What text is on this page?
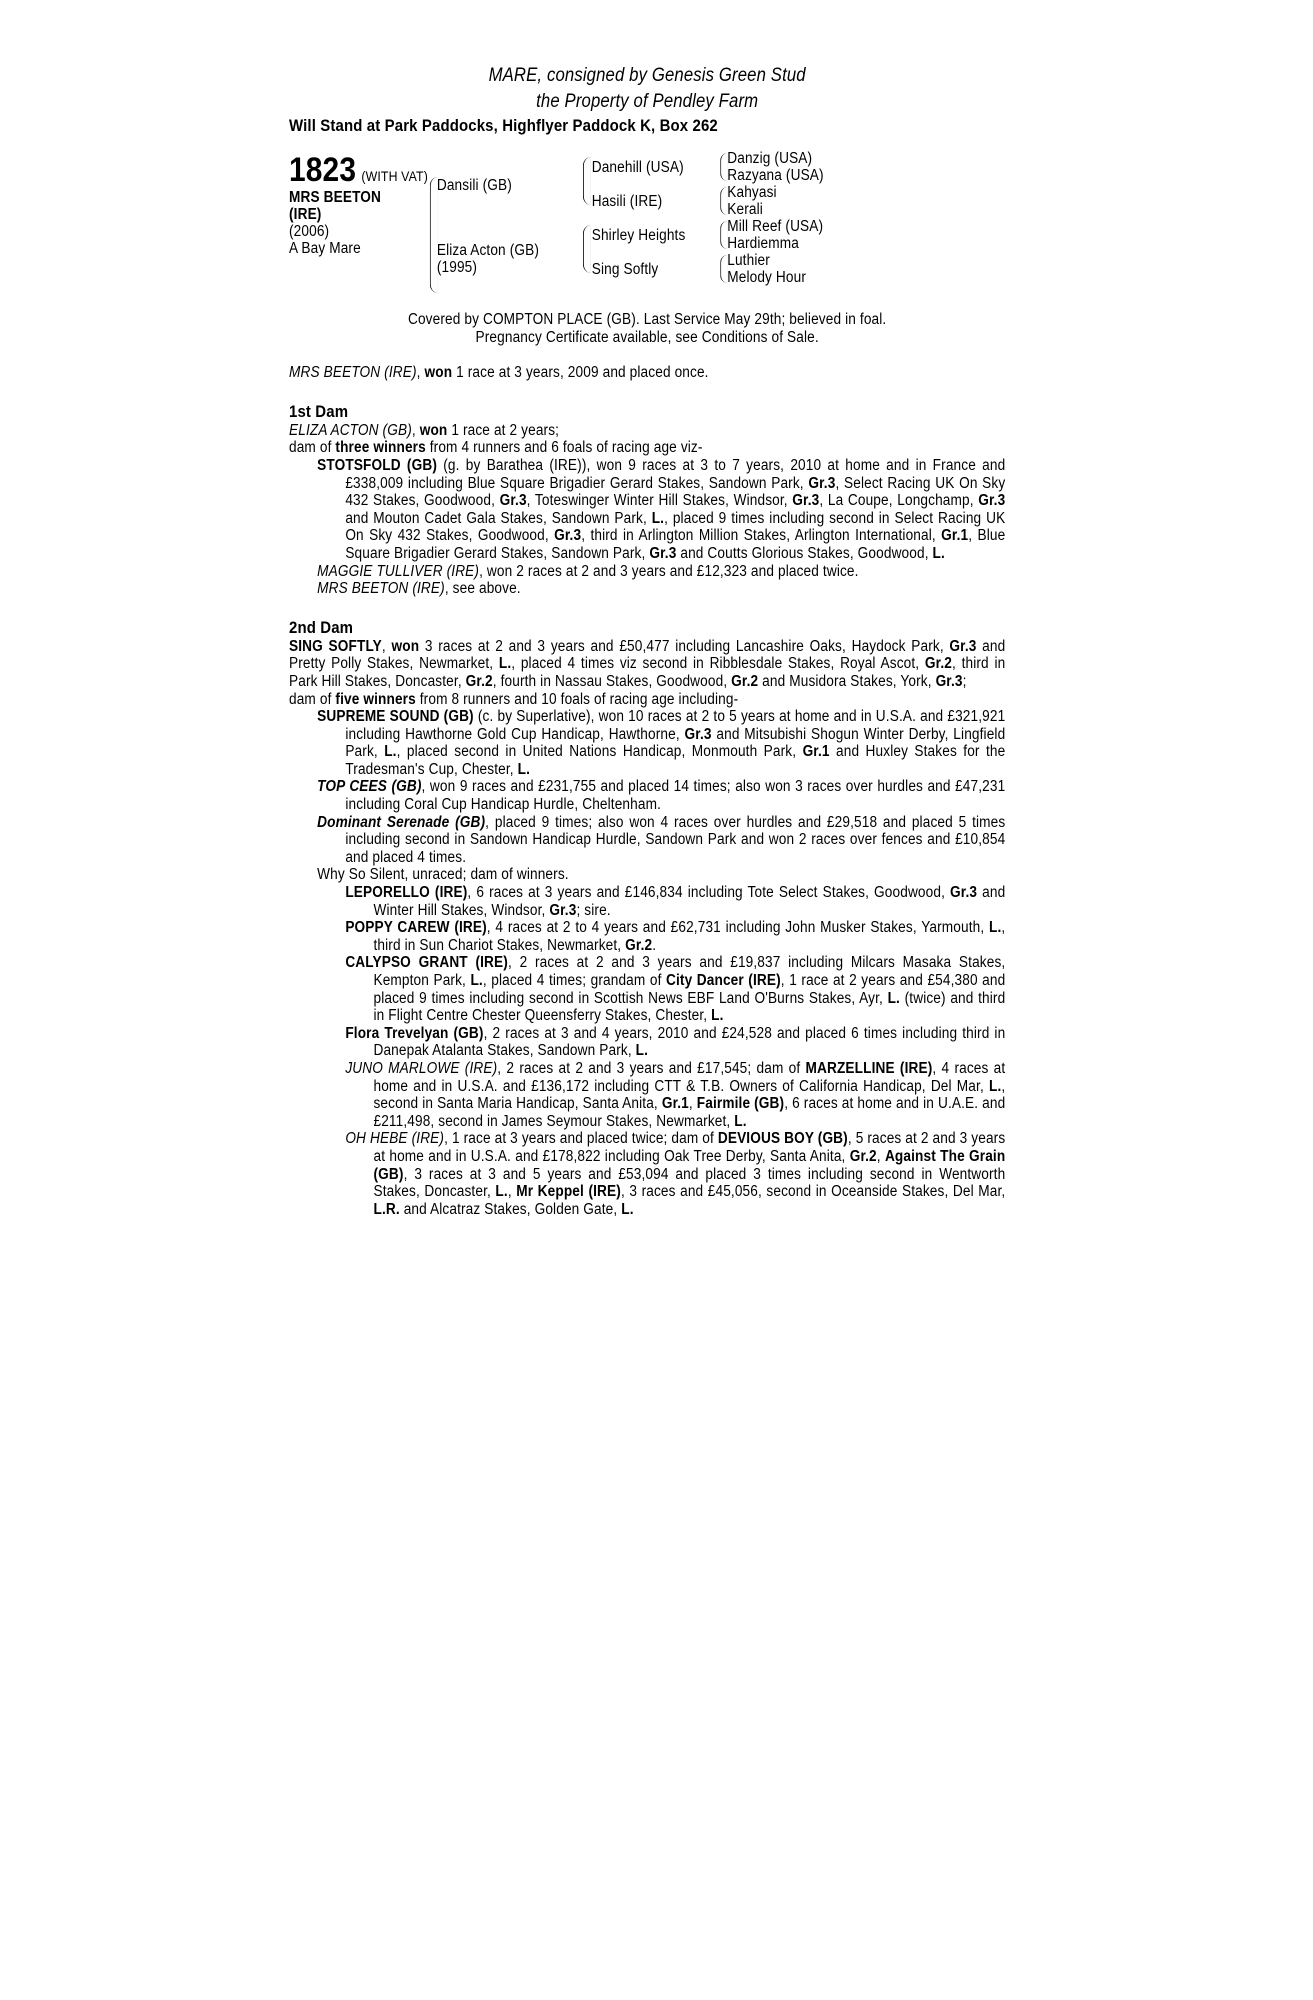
MARE, consigned by Genesis Green Stud
the Property of Pendley Farm
Will Stand at Park Paddocks, Highflyer Paddock K, Box 262
1823 (WITH VAT)
MRS BEETON
(IRE)
(2006)
A Bay Mare
Dansili (GB)
Eliza Acton (GB)
(1995)
Danehill (USA)
Hasili (IRE)
Shirley Heights
Sing Softly
Danzig (USA)
Razyana (USA)
Kahyasi
Kerali
Mill Reef (USA)
Hardiemma
Luthier
Melody Hour
Covered by COMPTON PLACE (GB). Last Service May 29th; believed in foal.
Pregnancy Certificate available, see Conditions of Sale.

MRS BEETON (IRE), won 1 race at 3 years, 2009 and placed once.

1st Dam

ELIZA ACTON (GB), won 1 race at 2 years;

dam of three winners from 4 runners and 6 foals of racing age viz-

STOTSFOLD (GB) (g. by Barathea (IRE)), won 9 races at 3 to 7 years, 2010 at home and in France and £338,009 including Blue Square Brigadier Gerard Stakes, Sandown Park, Gr.3, Select Racing UK On Sky 432 Stakes, Goodwood, Gr.3, Toteswinger Winter Hill Stakes, Windsor, Gr.3, La Coupe, Longchamp, Gr.3 and Mouton Cadet Gala Stakes, Sandown Park, L., placed 9 times including second in Select Racing UK On Sky 432 Stakes, Goodwood, Gr.3, third in Arlington Million Stakes, Arlington International, Gr.1, Blue Square Brigadier Gerard Stakes, Sandown Park, Gr.3 and Coutts Glorious Stakes, Goodwood, L.

MAGGIE TULLIVER (IRE), won 2 races at 2 and 3 years and £12,323 and placed twice.

MRS BEETON (IRE), see above.

2nd Dam

SING SOFTLY, won 3 races at 2 and 3 years and £50,477 including Lancashire Oaks, Haydock Park, Gr.3 and Pretty Polly Stakes, Newmarket, L., placed 4 times viz second in Ribblesdale Stakes, Royal Ascot, Gr.2, third in Park Hill Stakes, Doncaster, Gr.2, fourth in Nassau Stakes, Goodwood, Gr.2 and Musidora Stakes, York, Gr.3;

dam of five winners from 8 runners and 10 foals of racing age including-

SUPREME SOUND (GB) (c. by Superlative), won 10 races at 2 to 5 years at home and in U.S.A. and £321,921 including Hawthorne Gold Cup Handicap, Hawthorne, Gr.3 and Mitsubishi Shogun Winter Derby, Lingfield Park, L., placed second in United Nations Handicap, Monmouth Park, Gr.1 and Huxley Stakes for the Tradesman's Cup, Chester, L.

TOP CEES (GB), won 9 races and £231,755 and placed 14 times; also won 3 races over hurdles and £47,231 including Coral Cup Handicap Hurdle, Cheltenham.

Dominant Serenade (GB), placed 9 times; also won 4 races over hurdles and £29,518 and placed 5 times including second in Sandown Handicap Hurdle, Sandown Park and won 2 races over fences and £10,854 and placed 4 times.

Why So Silent, unraced; dam of winners.

LEPORELLO (IRE), 6 races at 3 years and £146,834 including Tote Select Stakes, Goodwood, Gr.3 and Winter Hill Stakes, Windsor, Gr.3; sire.

POPPY CAREW (IRE), 4 races at 2 to 4 years and £62,731 including John Musker Stakes, Yarmouth, L., third in Sun Chariot Stakes, Newmarket, Gr.2.

CALYPSO GRANT (IRE), 2 races at 2 and 3 years and £19,837 including Milcars Masaka Stakes, Kempton Park, L., placed 4 times; grandam of City Dancer (IRE), 1 race at 2 years and £54,380 and placed 9 times including second in Scottish News EBF Land O'Burns Stakes, Ayr, L. (twice) and third in Flight Centre Chester Queensferry Stakes, Chester, L.

Flora Trevelyan (GB), 2 races at 3 and 4 years, 2010 and £24,528 and placed 6 times including third in Danepak Atalanta Stakes, Sandown Park, L.

JUNO MARLOWE (IRE), 2 races at 2 and 3 years and £17,545; dam of MARZELLINE (IRE), 4 races at home and in U.S.A. and £136,172 including CTT & T.B. Owners of California Handicap, Del Mar, L., second in Santa Maria Handicap, Santa Anita, Gr.1, Fairmile (GB), 6 races at home and in U.A.E. and £211,498, second in James Seymour Stakes, Newmarket, L.

OH HEBE (IRE), 1 race at 3 years and placed twice; dam of DEVIOUS BOY (GB), 5 races at 2 and 3 years at home and in U.S.A. and £178,822 including Oak Tree Derby, Santa Anita, Gr.2, Against The Grain (GB), 3 races at 3 and 5 years and £53,094 and placed 3 times including second in Wentworth Stakes, Doncaster, L., Mr Keppel (IRE), 3 races and £45,056, second in Oceanside Stakes, Del Mar, L.R. and Alcatraz Stakes, Golden Gate, L.
